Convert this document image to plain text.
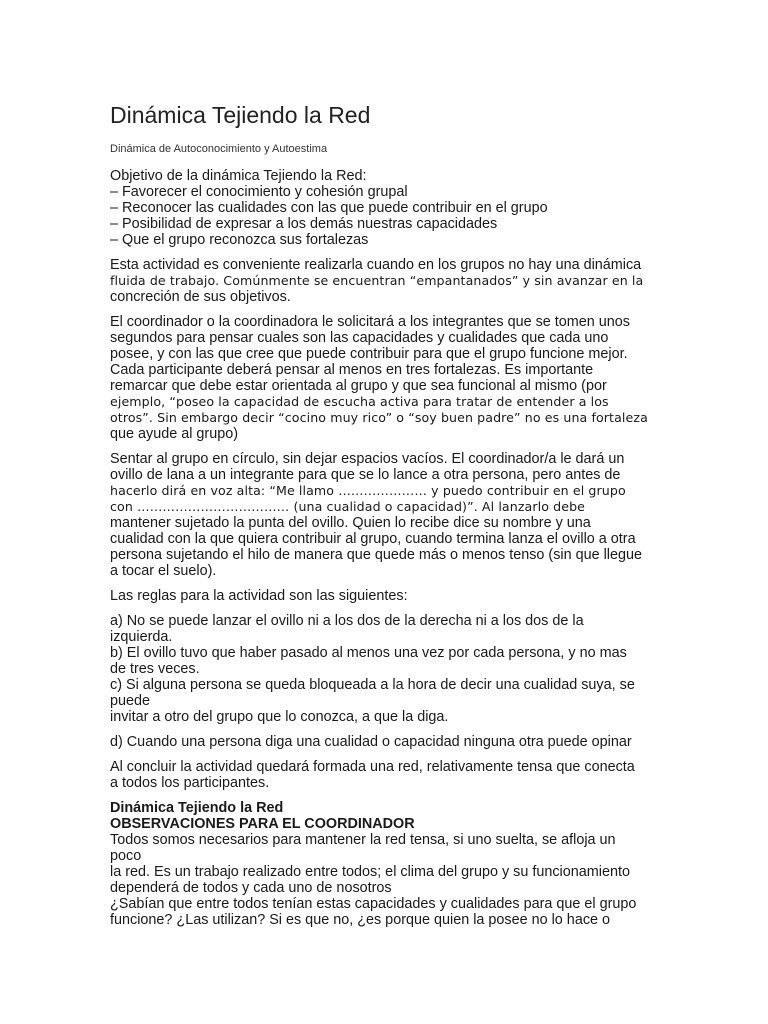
Dinámica Tejiendo la Red
Dinámica de Autoconocimiento y Autoestima

Objetivo de la dinámica Tejiendo la Red:
– Favorecer el conocimiento y cohesión grupal
– Reconocer las cualidades con las que puede contribuir en el grupo
– Posibilidad de expresar a los demás nuestras capacidades
– Que el grupo reconozca sus fortalezas

Esta actividad es conveniente realizarla cuando en los grupos no hay una dinámica
fluida de trabajo. Comúnmente se encuentran “empantanados” y sin avanzar en la
concreción de sus objetivos.

El coordinador o la coordinadora le solicitará a los integrantes que se tomen unos
segundos para pensar cuales son las capacidades y cualidades que cada uno
posee, y con las que cree que puede contribuir para que el grupo funcione mejor.
Cada participante deberá pensar al menos en tres fortalezas. Es importante
remarcar que debe estar orientada al grupo y que sea funcional al mismo (por
ejemplo, “poseo la capacidad de escucha activa para tratar de entender a los
otros”. Sin embargo decir “cocino muy rico” o “soy buen padre” no es una fortaleza
que ayude al grupo)

Sentar al grupo en círculo, sin dejar espacios vacíos. El coordinador/a le dará un
ovillo de lana a un integrante para que se lo lance a otra persona, pero antes de
hacerlo dirá en voz alta: “Me llamo ………………… y puedo contribuir en el grupo
con ……………………………… (una cualidad o capacidad)”. Al lanzarlo debe
mantener sujetado la punta del ovillo. Quien lo recibe dice su nombre y una
cualidad con la que quiera contribuir al grupo, cuando termina lanza el ovillo a otra
persona sujetando el hilo de manera que quede más o menos tenso (sin que llegue
a tocar el suelo).

Las reglas para la actividad son las siguientes:

a) No se puede lanzar el ovillo ni a los dos de la derecha ni a los dos de la
izquierda.
b) El ovillo tuvo que haber pasado al menos una vez por cada persona, y no mas
de tres veces.
c) Si alguna persona se queda bloqueada a la hora de decir una cualidad suya, se
puede
invitar a otro del grupo que lo conozca, a que la diga.

d) Cuando una persona diga una cualidad o capacidad ninguna otra puede opinar

Al concluir la actividad quedará formada una red, relativamente tensa que conecta
a todos los participantes.

Dinámica Tejiendo la Red
OBSERVACIONES PARA EL COORDINADOR
Todos somos necesarios para mantener la red tensa, si uno suelta, se afloja un
poco
la red. Es un trabajo realizado entre todos; el clima del grupo y su funcionamiento
dependerá de todos y cada uno de nosotros
¿Sabían que entre todos tenían estas capacidades y cualidades para que el grupo
funcione? ¿Las utilizan? Si es que no, ¿es porque quien la posee no lo hace o
